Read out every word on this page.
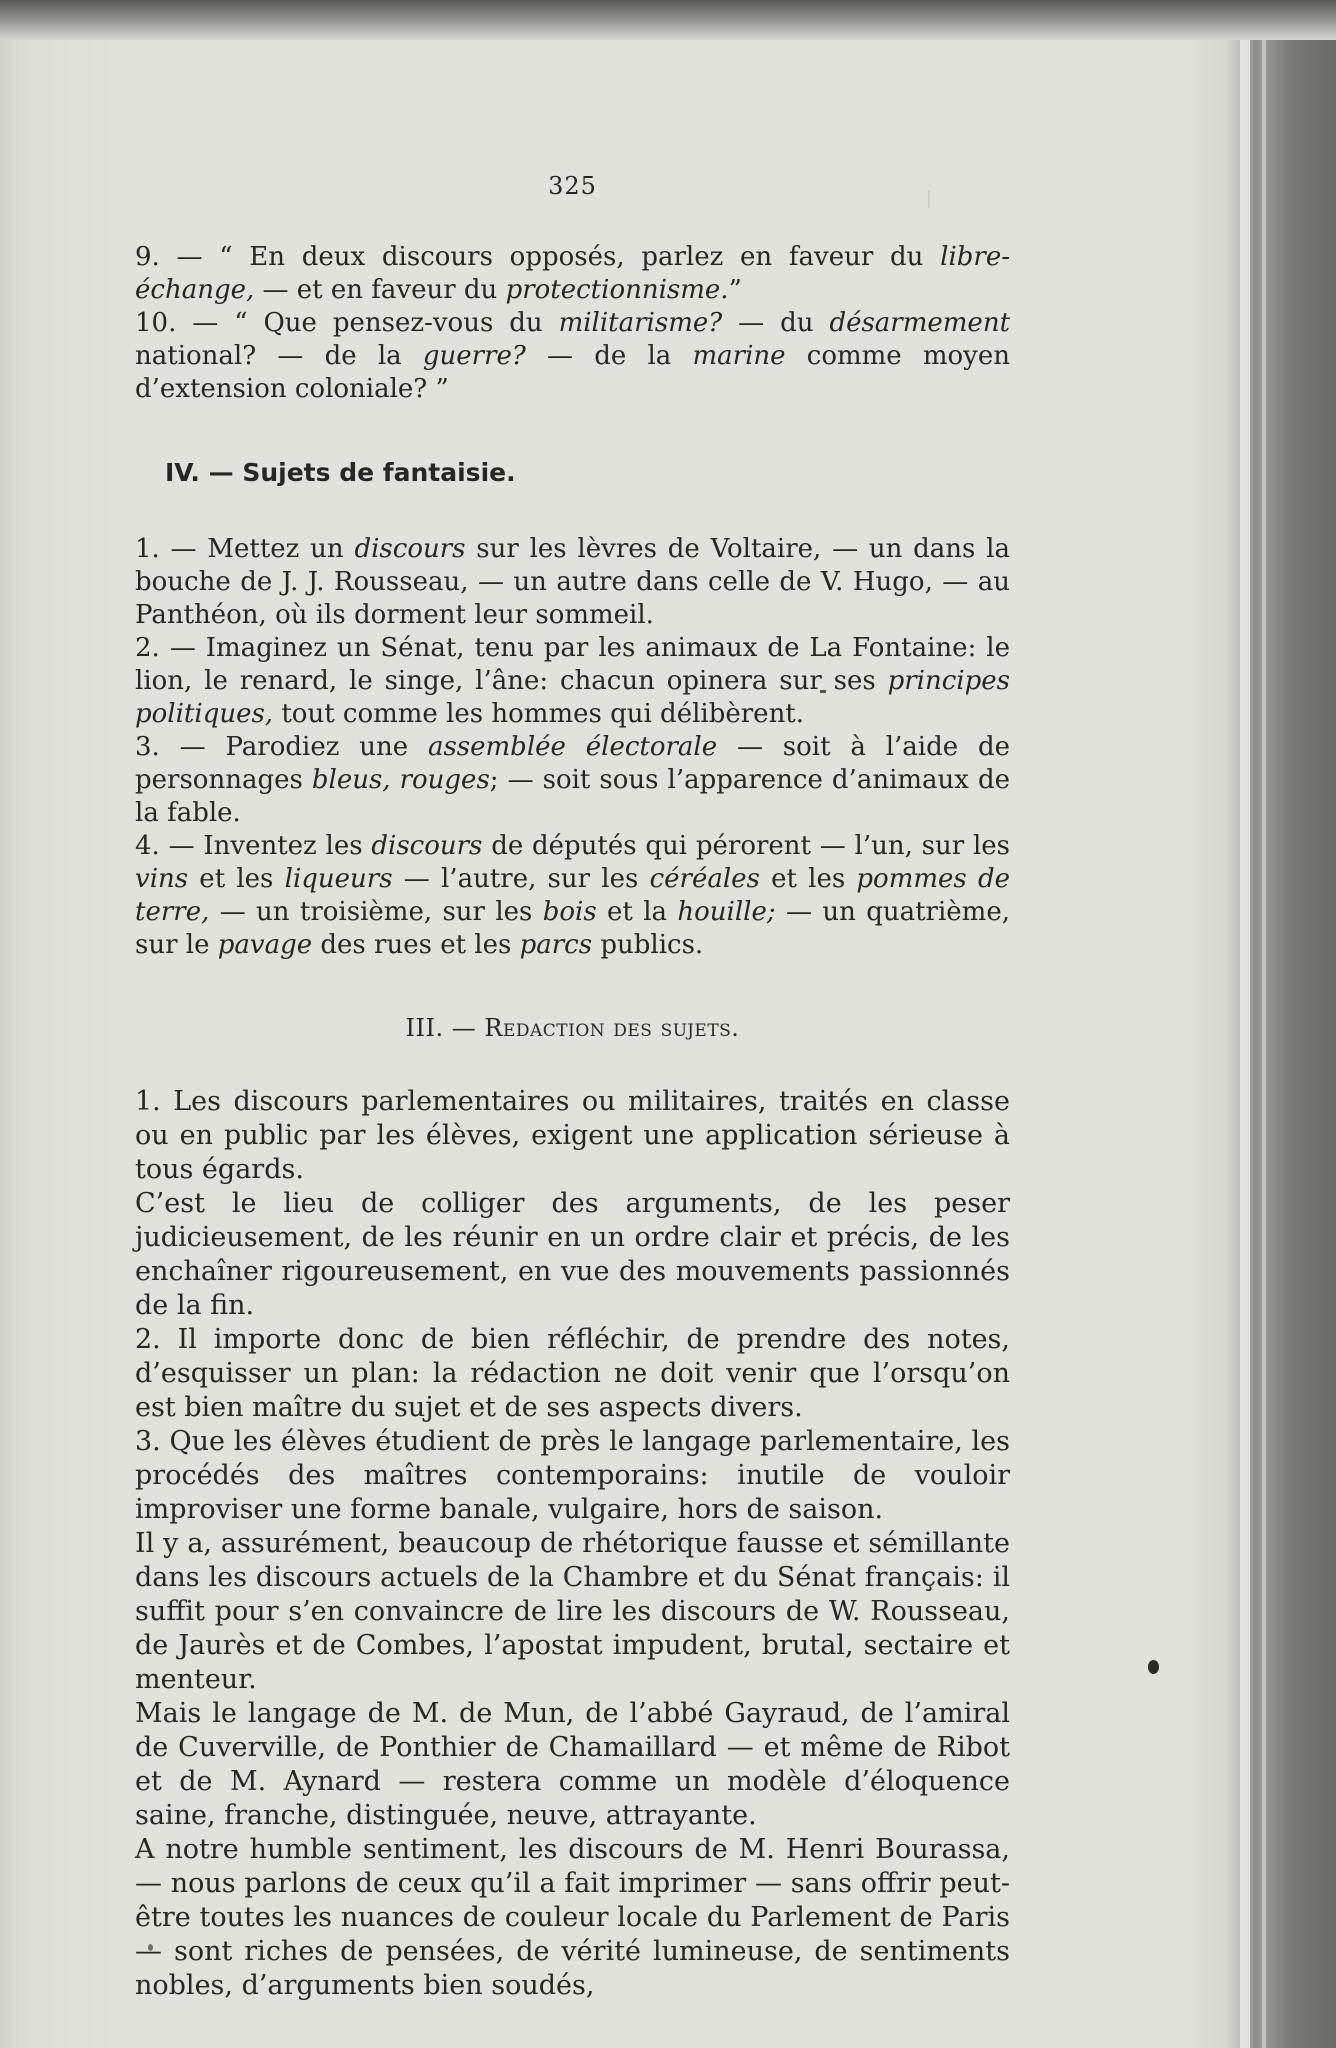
325

9. — “ En deux discours opposés, parlez en faveur du libre-échange, — et en faveur du protectionnisme.”

10. — “ Que pensez-vous du militarisme? — du désarmement national? — de la guerre? — de la marine comme moyen d’extension coloniale? ”

IV. — Sujets de fantaisie.

1. — Mettez un discours sur les lèvres de Voltaire, — un dans la bouche de J. J. Rousseau, — un autre dans celle de V. Hugo, — au Panthéon, où ils dorment leur sommeil.

2. — Imaginez un Sénat, tenu par les animaux de La Fontaine: le lion, le renard, le singe, l’âne: chacun opinera sur ses principes politiques, tout comme les hommes qui délibèrent.

3. — Parodiez une assemblée électorale — soit à l’aide de personnages bleus, rouges; — soit sous l’apparence d’animaux de la fable.

4. — Inventez les discours de députés qui pérorent — l’un, sur les vins et les liqueurs — l’autre, sur les céréales et les pommes de terre, — un troisième, sur les bois et la houille; — un quatrième, sur le pavage des rues et les parcs publics.

III. — Redaction des sujets.

1. Les discours parlementaires ou militaires, traités en classe ou en public par les élèves, exigent une application sérieuse à tous égards.

C’est le lieu de colliger des arguments, de les peser judicieusement, de les réunir en un ordre clair et précis, de les enchaîner rigoureusement, en vue des mouvements passionnés de la fin.

2. Il importe donc de bien réfléchir, de prendre des notes, d’esquisser un plan: la rédaction ne doit venir que l’orsqu’on est bien maître du sujet et de ses aspects divers.

3. Que les élèves étudient de près le langage parlementaire, les procédés des maîtres contemporains: inutile de vouloir improviser une forme banale, vulgaire, hors de saison.

Il y a, assurément, beaucoup de rhétorique fausse et sémillante dans les discours actuels de la Chambre et du Sénat français: il suffit pour s’en convaincre de lire les discours de W. Rousseau, de Jaurès et de Combes, l’apostat impudent, brutal, sectaire et menteur.

Mais le langage de M. de Mun, de l’abbé Gayraud, de l’amiral de Cuverville, de Ponthier de Chamaillard — et même de Ribot et de M. Aynard — restera comme un modèle d’éloquence saine, franche, distinguée, neuve, attrayante.

A notre humble sentiment, les discours de M. Henri Bourassa, — nous parlons de ceux qu’il a fait imprimer — sans offrir peut-être toutes les nuances de couleur locale du Parlement de Paris — sont riches de pensées, de vérité lumineuse, de sentiments nobles, d’arguments bien soudés,
